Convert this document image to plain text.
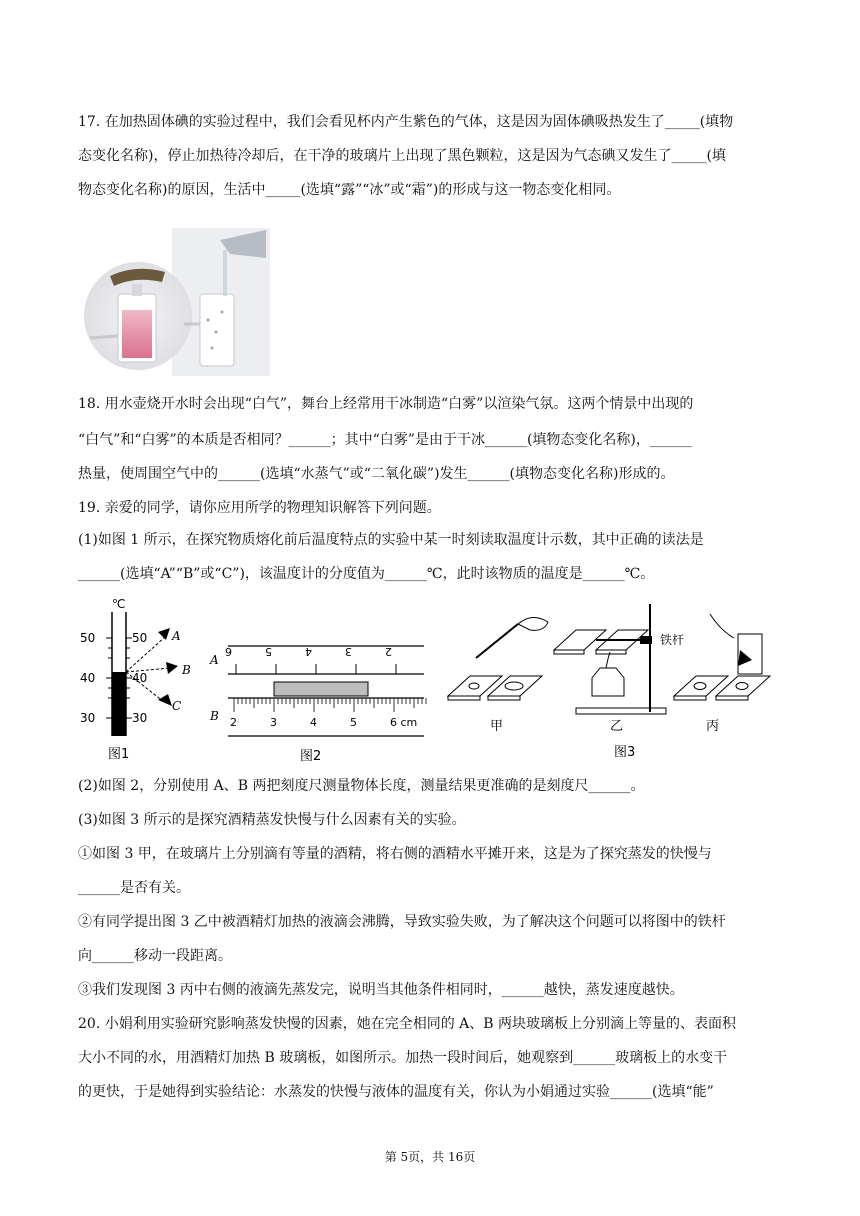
17. 在加热固体碘的实验过程中，我们会看见杯内产生紫色的气体，这是因为固体碘吸热发生了_____(填物
态变化名称)，停止加热待冷却后，在干净的玻璃片上出现了黑色颗粒，这是因为气态碘又发生了_____(填
物态变化名称)的原因，生活中_____(选填“露”“冰”或“霜”)的形成与这一物态变化相同。
18. 用水壶烧开水时会出现“白气”，舞台上经常用干冰制造“白雾”以渲染气氛。这两个情景中出现的
“白气”和“白雾”的本质是否相同？______；其中“白雾”是由于干冰______(填物态变化名称)，______
热量，使周围空气中的______(选填“水蒸气”或“二氧化碳”)发生______(填物态变化名称)形成的。
19. 亲爱的同学，请你应用所学的物理知识解答下列问题。
(1)如图 1 所示，在探究物质熔化前后温度特点的实验中某一时刻读取温度计示数，其中正确的读法是
______(选填“A”“B”或“C”)，该温度计的分度值为______℃，此时该物质的温度是______℃。
℃
50
40
30
50
40
30
A
B
C
图1
A
B
6	5	4	3	2
2	3	4	5	6 cm
图2
甲
铁杆
乙	丙
图3
(2)如图 2，分别使用 A、B 两把刻度尺测量物体长度，测量结果更准确的是刻度尺______。
(3)如图 3 所示的是探究酒精蒸发快慢与什么因素有关的实验。
①如图 3 甲，在玻璃片上分别滴有等量的酒精，将右侧的酒精水平摊开来，这是为了探究蒸发的快慢与
______是否有关。
②有同学提出图 3 乙中被酒精灯加热的液滴会沸腾，导致实验失败，为了解决这个问题可以将图中的铁杆
向______移动一段距离。
③我们发现图 3 丙中右侧的液滴先蒸发完，说明当其他条件相同时，______越快，蒸发速度越快。
20. 小娟利用实验研究影响蒸发快慢的因素，她在完全相同的 A、B 两块玻璃板上分别滴上等量的、表面积
大小不同的水，用酒精灯加热 B 玻璃板，如图所示。加热一段时间后，她观察到______玻璃板上的水变干
的更快，于是她得到实验结论：水蒸发的快慢与液体的温度有关，你认为小娟通过实验______(选填“能”
第 5页，共 16页
